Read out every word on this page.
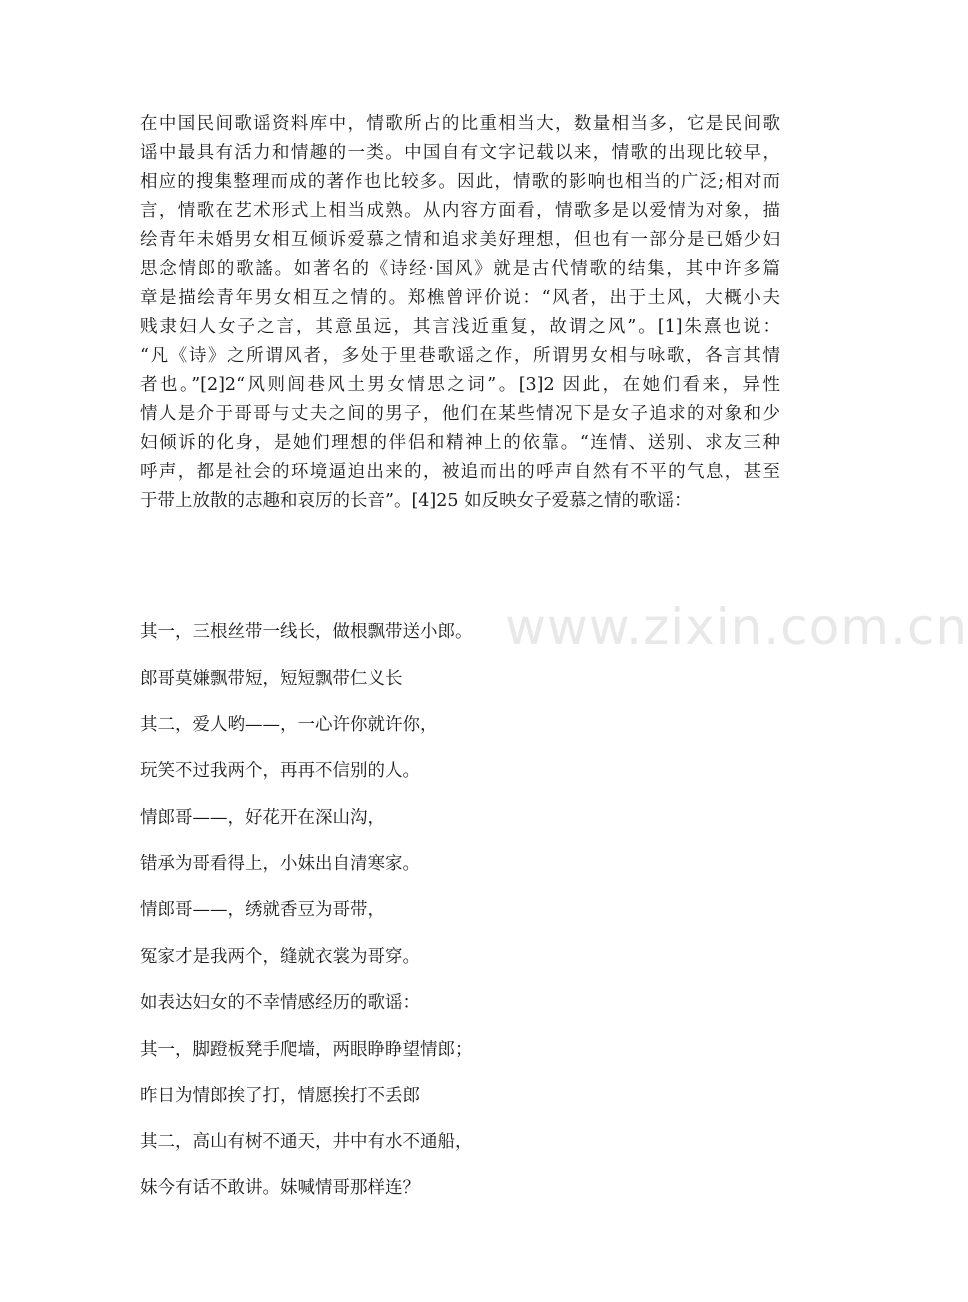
在中国民间歌谣资料库中，情歌所占的比重相当大，数量相当多，它是民间歌
谣中最具有活力和情趣的一类。中国自有文字记载以来，情歌的出现比较早，
相应的搜集整理而成的著作也比较多。因此，情歌的影响也相当的广泛;相对而
言，情歌在艺术形式上相当成熟。从内容方面看，情歌多是以爱情为对象，描
绘青年未婚男女相互倾诉爱慕之情和追求美好理想，但也有一部分是已婚少妇
思念情郎的歌謠。如著名的《诗经·国风》就是古代情歌的结集，其中许多篇
章是描绘青年男女相互之情的。郑樵曾评价说：“风者，出于土风，大概小夫
贱隶妇人女子之言，其意虽远，其言浅近重复，故谓之风”。[1]朱熹也说：
“凡《诗》之所谓风者，多处于里巷歌谣之作，所谓男女相与咏歌，各言其情
者也。”[2]2“风则闾巷风土男女情思之词”。[3]2 因此，在她们看来，异性
情人是介于哥哥与丈夫之间的男子，他们在某些情况下是女子追求的对象和少
妇倾诉的化身，是她们理想的伴侣和精神上的依靠。“连情、送别、求友三种
呼声，都是社会的环境逼迫出来的，被追而出的呼声自然有不平的气息，甚至
于带上放散的志趣和哀厉的长音”。[4]25 如反映女子爱慕之情的歌谣：

其一，三根丝带一线长，做根飘带送小郎。

郎哥莫嫌飘带短，短短飘带仁义长

其二，爱人哟——，一心许你就许你，

玩笑不过我两个，再再不信别的人。

情郎哥——，好花开在深山沟，

错承为哥看得上，小妹出自清寒家。

情郎哥——，绣就香豆为哥带，

冤家才是我两个，缝就衣裳为哥穿。

如表达妇女的不幸情感经历的歌谣：

其一，脚蹬板凳手爬墙，两眼睁睁望情郎；

昨日为情郎挨了打，情愿挨打不丢郎

其二，高山有树不通天，井中有水不通船，

妹今有话不敢讲。妹喊情哥那样连？

www.zixin.com.cn
